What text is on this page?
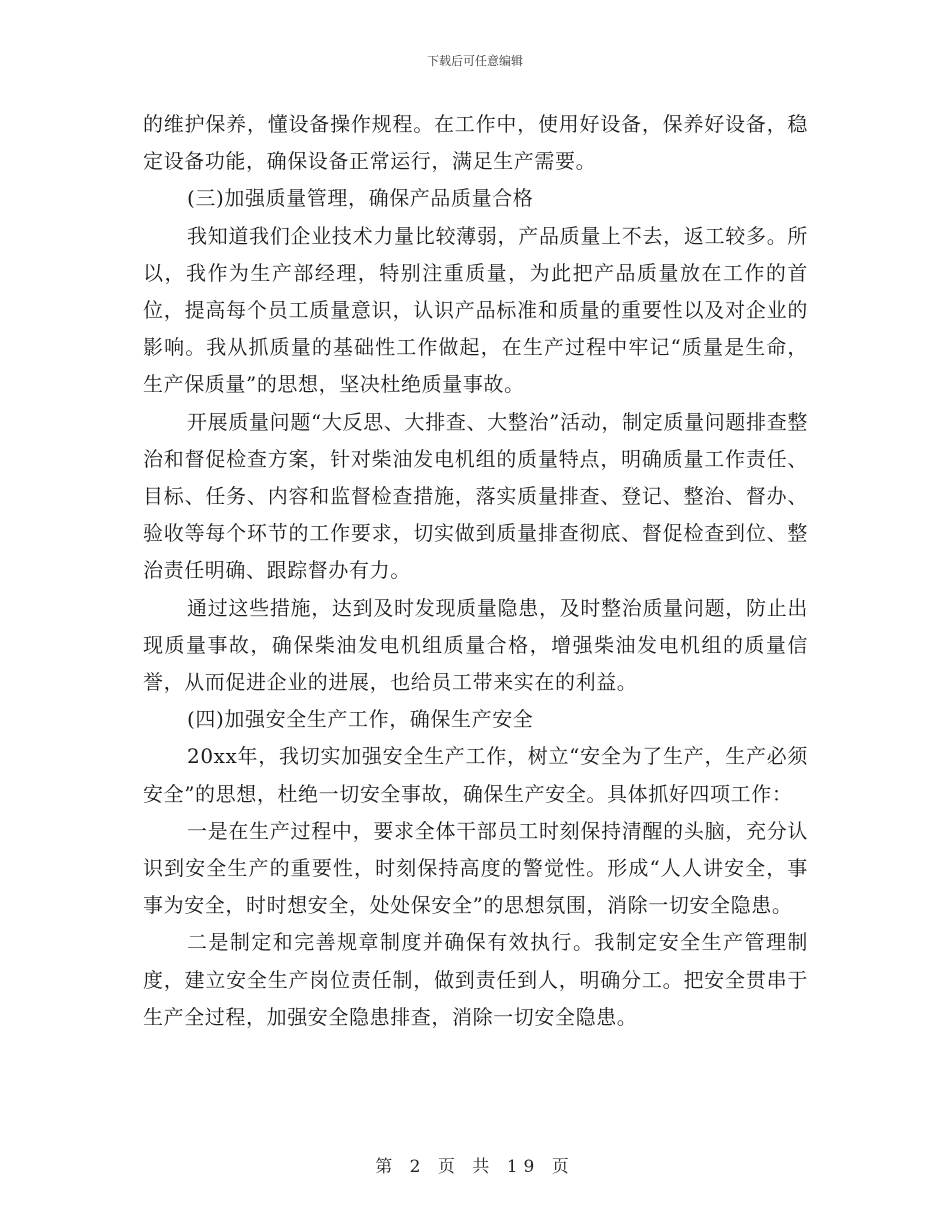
下载后可任意编辑

的维护保养，懂设备操作规程。在工作中，使用好设备，保养好设备，稳定设备功能，确保设备正常运行，满足生产需要。

(三)加强质量管理，确保产品质量合格

我知道我们企业技术力量比较薄弱，产品质量上不去，返工较多。所以，我作为生产部经理，特别注重质量，为此把产品质量放在工作的首位，提高每个员工质量意识，认识产品标准和质量的重要性以及对企业的影响。我从抓质量的基础性工作做起，在生产过程中牢记“质量是生命，生产保质量”的思想，坚决杜绝质量事故。

开展质量问题“大反思、大排查、大整治”活动，制定质量问题排查整治和督促检查方案，针对柴油发电机组的质量特点，明确质量工作责任、目标、任务、内容和监督检查措施，落实质量排查、登记、整治、督办、验收等每个环节的工作要求，切实做到质量排查彻底、督促检查到位、整治责任明确、跟踪督办有力。

通过这些措施，达到及时发现质量隐患，及时整治质量问题，防止出现质量事故，确保柴油发电机组质量合格，增强柴油发电机组的质量信誉，从而促进企业的进展，也给员工带来实在的利益。

(四)加强安全生产工作，确保生产安全

20xx年，我切实加强安全生产工作，树立“安全为了生产，生产必须安全”的思想，杜绝一切安全事故，确保生产安全。具体抓好四项工作：

一是在生产过程中，要求全体干部员工时刻保持清醒的头脑，充分认识到安全生产的重要性，时刻保持高度的警觉性。形成“人人讲安全，事事为安全，时时想安全，处处保安全”的思想氛围，消除一切安全隐患。

二是制定和完善规章制度并确保有效执行。我制定安全生产管理制度，建立安全生产岗位责任制，做到责任到人，明确分工。把安全贯串于生产全过程，加强安全隐患排查，消除一切安全隐患。

第 2 页 共 19 页
